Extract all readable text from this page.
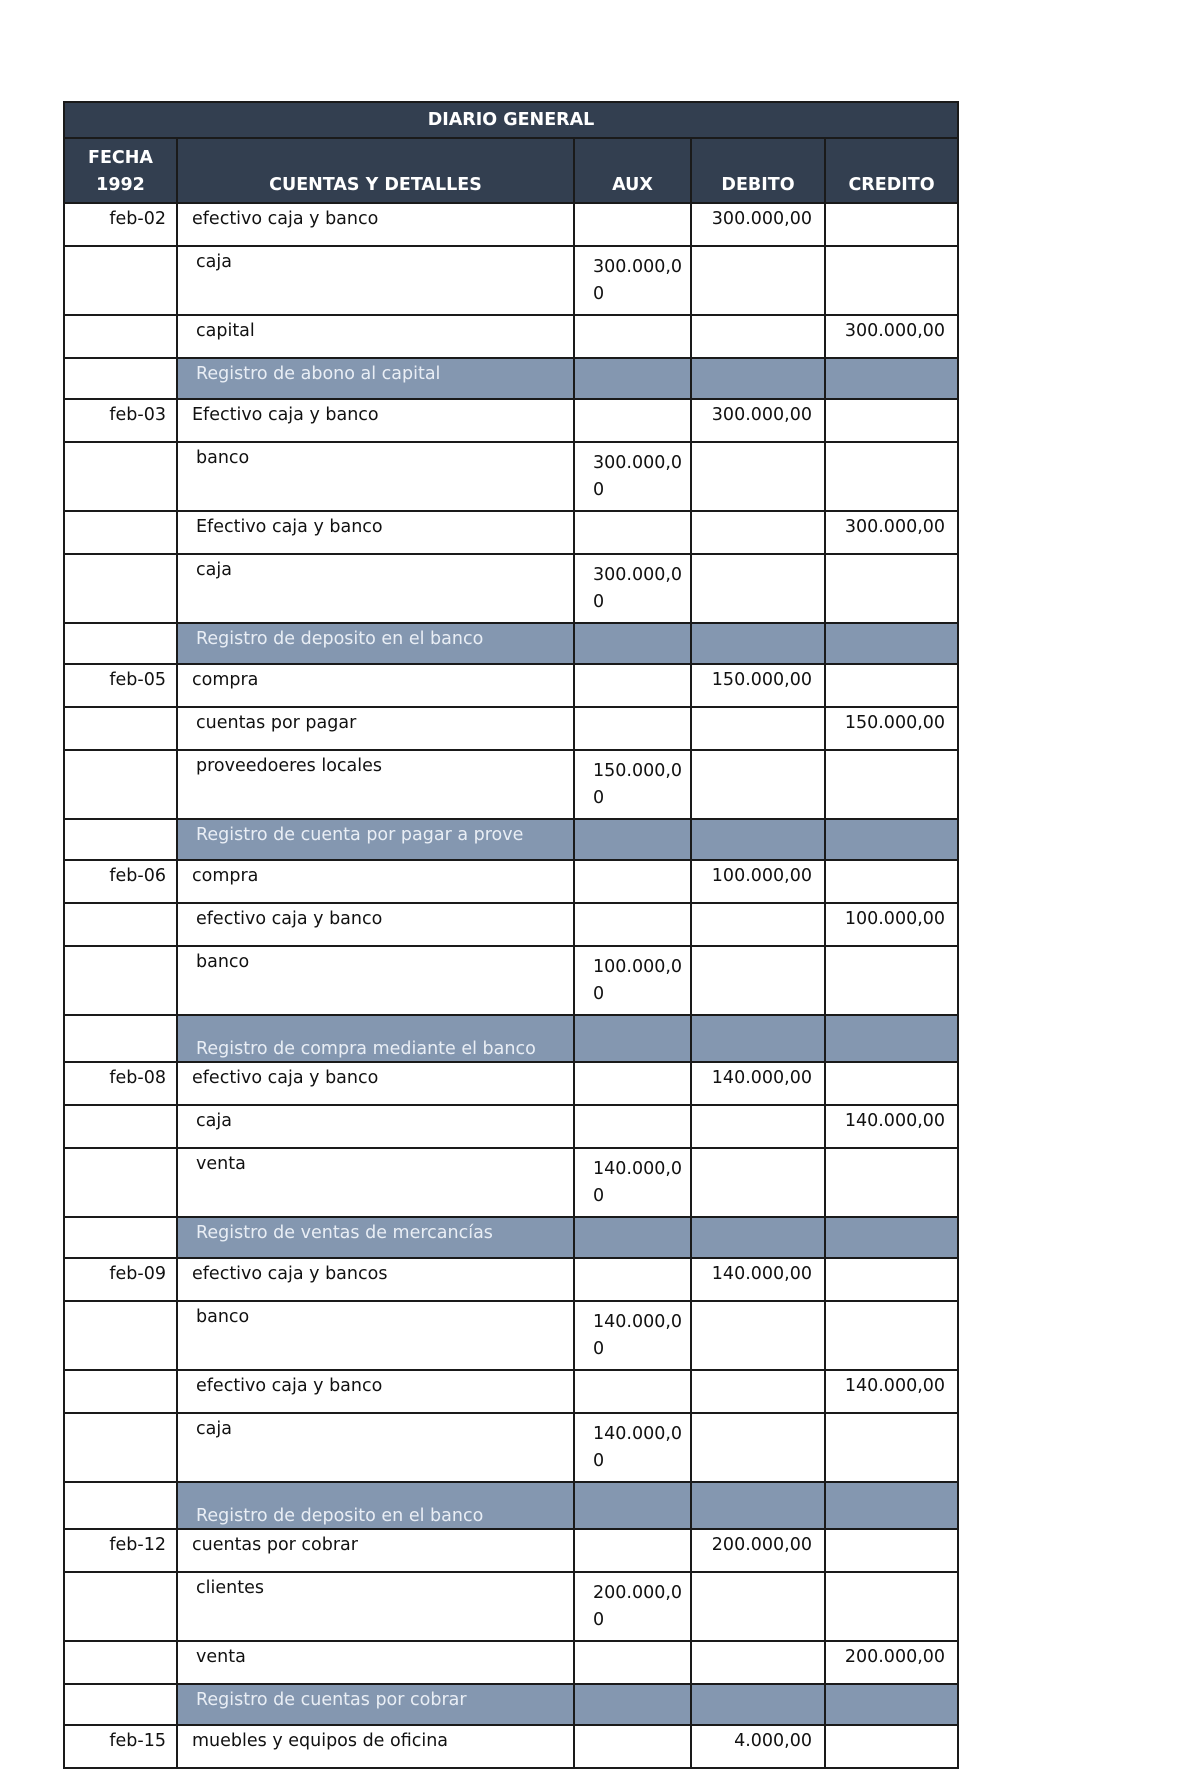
DIARIO GENERAL				
FECHA
1992	CUENTAS Y DETALLES	AUX	DEBITO	CREDITO
feb-02	efectivo caja y banco		300.000,00	
	caja	300.000,00		
	capital			300.000,00
	Registro de abono al capital			
feb-03	Efectivo caja y banco		300.000,00	
	banco	300.000,00		
	Efectivo caja y banco			300.000,00
	caja	300.000,00		
	Registro de deposito en el banco			
feb-05	compra		150.000,00	
	cuentas por pagar			150.000,00
	proveedoeres locales	150.000,00		
	Registro de cuenta por pagar a prove			
feb-06	compra		100.000,00	
	efectivo caja y banco			100.000,00
	banco	100.000,00		
	Registro de compra mediante el banco			
feb-08	efectivo caja y banco		140.000,00	
	caja			140.000,00
	venta	140.000,00		
	Registro de ventas de mercancías			
feb-09	efectivo caja y bancos		140.000,00	
	banco	140.000,00		
	efectivo caja y banco			140.000,00
	caja	140.000,00		
	Registro de deposito en el banco			
feb-12	cuentas por cobrar		200.000,00	
	clientes	200.000,00		
	venta			200.000,00
	Registro de cuentas por cobrar			
feb-15	muebles y equipos de oficina		4.000,00	
